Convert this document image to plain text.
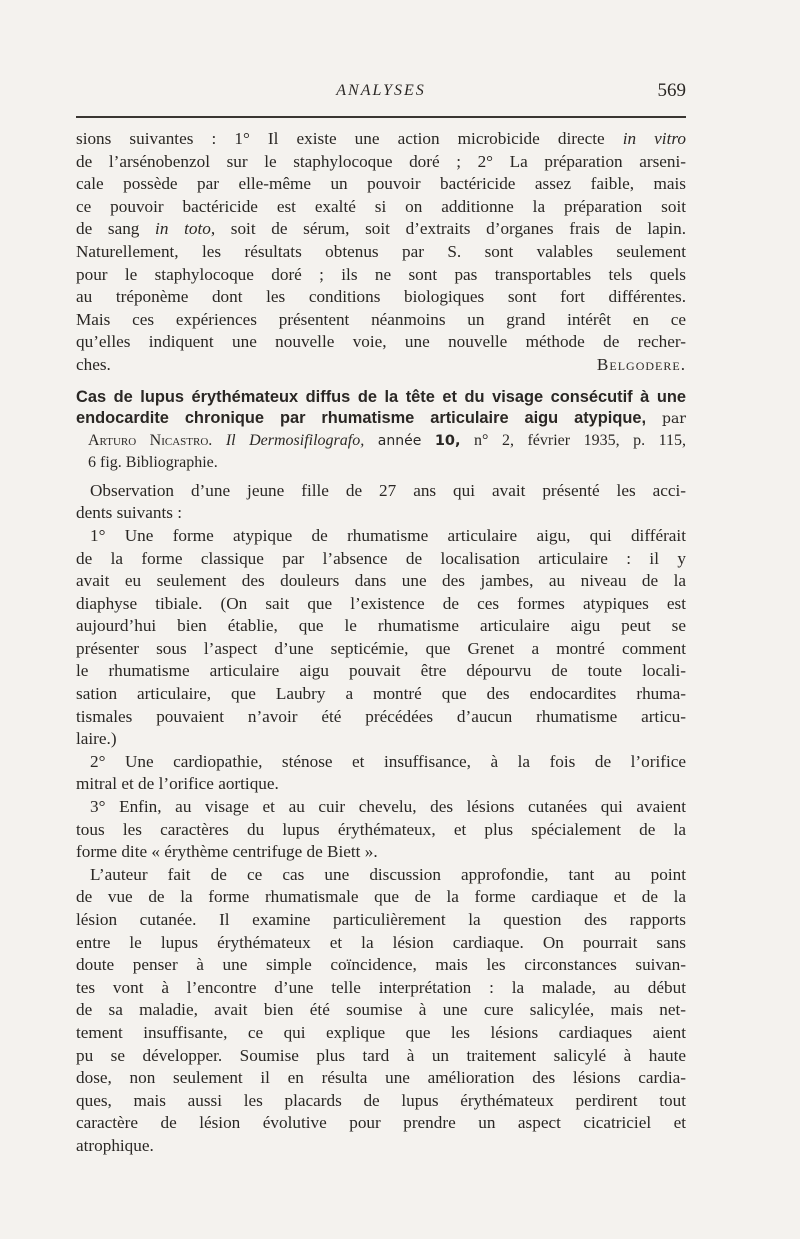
ANALYSES	569
sions suivantes : 1° Il existe une action microbicide directe in vitro
de l’arsénobenzol sur le staphylocoque doré ; 2° La préparation arseni-
cale possède par elle-même un pouvoir bactéricide assez faible, mais
ce pouvoir bactéricide est exalté si on additionne la préparation soit
de sang in toto, soit de sérum, soit d’extraits d’organes frais de lapin.
Naturellement, les résultats obtenus par S. sont valables seulement
pour le staphylocoque doré ; ils ne sont pas transportables tels quels
au tréponème dont les conditions biologiques sont fort différentes.
Mais ces expériences présentent néanmoins un grand intérêt en ce
qu’elles indiquent une nouvelle voie, une nouvelle méthode de recher-
ches.	Belgodere.
Cas de lupus érythémateux diffus de la tête et du visage consécutif à une
endocardite chronique par rhumatisme articulaire aigu atypique, par
Arturo Nicastro. Il Dermosifilografo, année 10, n° 2, février 1935, p. 115,
6 fig. Bibliographie.
Observation d’une jeune fille de 27 ans qui avait présenté les acci-
dents suivants :
1° Une forme atypique de rhumatisme articulaire aigu, qui différait
de la forme classique par l’absence de localisation articulaire : il y
avait eu seulement des douleurs dans une des jambes, au niveau de la
diaphyse tibiale. (On sait que l’existence de ces formes atypiques est
aujourd’hui bien établie, que le rhumatisme articulaire aigu peut se
présenter sous l’aspect d’une septicémie, que Grenet a montré comment
le rhumatisme articulaire aigu pouvait être dépourvu de toute locali-
sation articulaire, que Laubry a montré que des endocardites rhuma-
tismales pouvaient n’avoir été précédées d’aucun rhumatisme articu-
laire.)
2° Une cardiopathie, sténose et insuffisance, à la fois de l’orifice
mitral et de l’orifice aortique.
3° Enfin, au visage et au cuir chevelu, des lésions cutanées qui avaient
tous les caractères du lupus érythémateux, et plus spécialement de la
forme dite « érythème centrifuge de Biett ».
L’auteur fait de ce cas une discussion approfondie, tant au point
de vue de la forme rhumatismale que de la forme cardiaque et de la
lésion cutanée. Il examine particulièrement la question des rapports
entre le lupus érythémateux et la lésion cardiaque. On pourrait sans
doute penser à une simple coïncidence, mais les circonstances suivan-
tes vont à l’encontre d’une telle interprétation : la malade, au début
de sa maladie, avait bien été soumise à une cure salicylée, mais net-
tement insuffisante, ce qui explique que les lésions cardiaques aient
pu se développer. Soumise plus tard à un traitement salicylé à haute
dose, non seulement il en résulta une amélioration des lésions cardia-
ques, mais aussi les placards de lupus érythémateux perdirent tout
caractère de lésion évolutive pour prendre un aspect cicatriciel et
atrophique.
